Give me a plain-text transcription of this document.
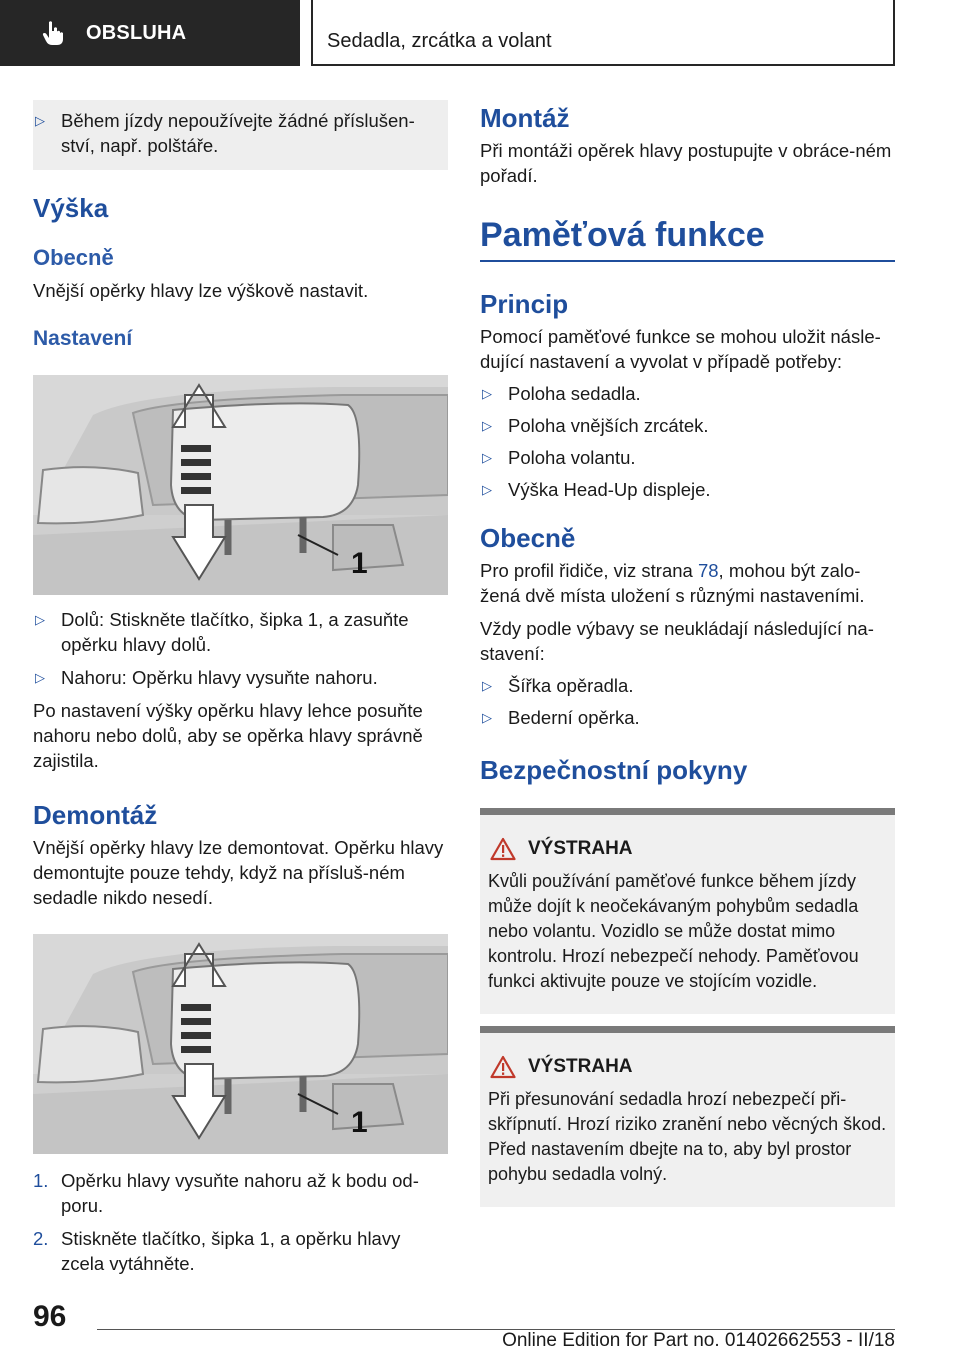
OBSLUHA	Sedadla, zrcátka a volant
▷ Během jízdy nepoužívejte žádné příslušen-ství, např. polštáře.
Výška
Obecně

Vnější opěrky hlavy lze výškově nastavit.

Nastavení
1
▷ Dolů: Stiskněte tlačítko, šipka 1, a zasuňte opěrku hlavy dolů.
▷ Nahoru: Opěrku hlavy vysuňte nahoru.

Po nastavení výšky opěrku hlavy lehce posuňte nahoru nebo dolů, aby se opěrka hlavy správně zajistila.

Demontáž

Vnější opěrky hlavy lze demontovat. Opěrku hlavy demontujte pouze tehdy, když na přísluš-ném sedadle nikdo nesedí.

1
1. Opěrku hlavy vysuňte nahoru až k bodu od-poru.
2. Stiskněte tlačítko, šipka 1, a opěrku hlavy zcela vytáhněte.
Montáž

Při montáži opěrek hlavy postupujte v obráce-ném pořadí.

Paměťová funkce
Princip

Pomocí paměťové funkce se mohou uložit násle-dující nastavení a vyvolat v případě potřeby:

▷ Poloha sedadla.
▷ Poloha vnějších zrcátek.
▷ Poloha volantu.
▷ Výška Head-Up displeje.
Obecně

Pro profil řidiče, viz strana 78, mohou být zalo-žená dvě místa uložení s různými nastaveními.

Vždy podle výbavy se neukládají následující na-stavení:

▷ Šířka opěradla.
▷ Bederní opěrka.
Bezpečnostní pokyny
VÝSTRAHA

Kvůli používání paměťové funkce během jízdy může dojít k neočekávaným pohybům sedadla nebo volantu. Vozidlo se může dostat mimo kontrolu. Hrozí nebezpečí nehody. Paměťovou funkci aktivujte pouze ve stojícím vozidle.

VÝSTRAHA

Při přesunování sedadla hrozí nebezpečí při-skřípnutí. Hrozí riziko zranění nebo věcných škod. Před nastavením dbejte na to, aby byl prostor pohybu sedadla volný.

96
Online Edition for Part no. 01402662553 - II/18
